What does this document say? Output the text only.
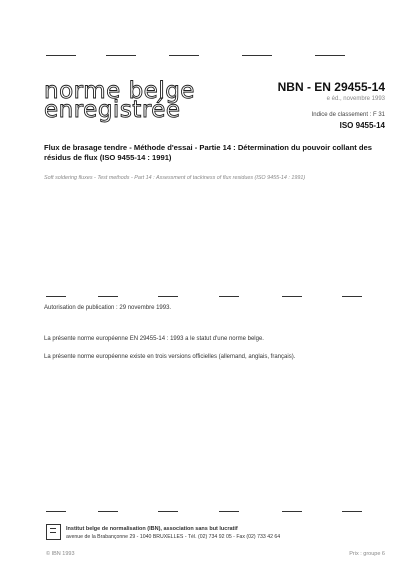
norme belge
enregistrée
NBN - EN 29455-14
e éd., novembre 1993
Indice de classement : F 31
ISO 9455-14
Flux de brasage tendre - Méthode d'essai - Partie 14 : Détermination du pouvoir collant des résidus de flux (ISO 9455-14 : 1991)
Soft soldering fluxes - Test methods - Part 14 : Assessment of tackiness of flux residues (ISO 9455-14 : 1991)
Autorisation de publication : 29 novembre 1993.
La présente norme européenne EN 29455-14 : 1993 a le statut d'une norme belge.
La présente norme européenne existe en trois versions officielles (allemand, anglais, français).
Institut belge de normalisation (IBN), association sans but lucratif
avenue de la Brabançonne 29 - 1040 BRUXELLES - Tél. (02) 734 92 05 - Fax (02) 733 42 64
© IBN 1993	Prix : groupe 6
